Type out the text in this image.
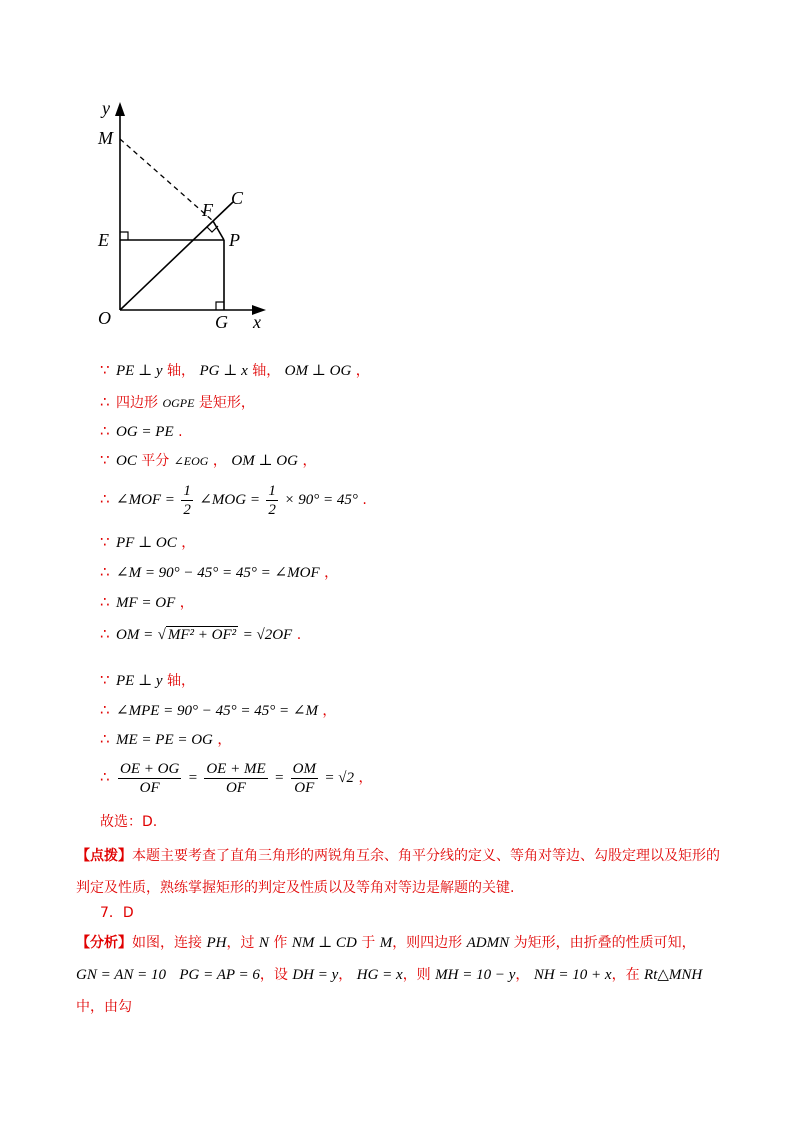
y
M
F
C
E	P
O	G x
∵ PE ⊥ y 轴， PG ⊥ x 轴， OM ⊥ OG ，
∴ 四边形 OGPE 是矩形，
∴ OG = PE .
∵ OC 平分 ∠EOG ， OM ⊥ OG ，
∴ ∠MOF = $\frac{1}{2}$ ∠MOG = $\frac{1}{2} \times 90^\circ = 45^\circ$ .
∵ PF ⊥ OC ，
∴ ∠M = 90° − 45° = 45° = ∠MOF ，
∴ MF = OF ，
∴ OM = √ MF² + OF² = √2OF .
∵ PE ⊥ y 轴，
∴ ∠MPE = 90° − 45° = 45° = ∠M ，
∴ ME = PE = OG ，
∴ $\frac{OE + OG}{OF} = \frac{OE + ME}{OF} = \frac{OM}{OF} = √2$ ，
故选：D.
【点拨】本题主要考查了直角三角形的两锐角互余、角平分线的定义、等角对等边、勾股定理以及矩形的判定及性质，熟练掌握矩形的判定及性质以及等角对等边是解题的关键.
7．D
【分析】如图，连接 PH，过 N 作 NM ⊥ CD 于 M，则四边形 ADMN 为矩形，由折叠的性质可知，
GN = AN = 10 PG = AP = 6，设 DH = y， HG = x，则 MH = 10 − y， NH = 10 + x，在 Rt△MNH中，由勾
